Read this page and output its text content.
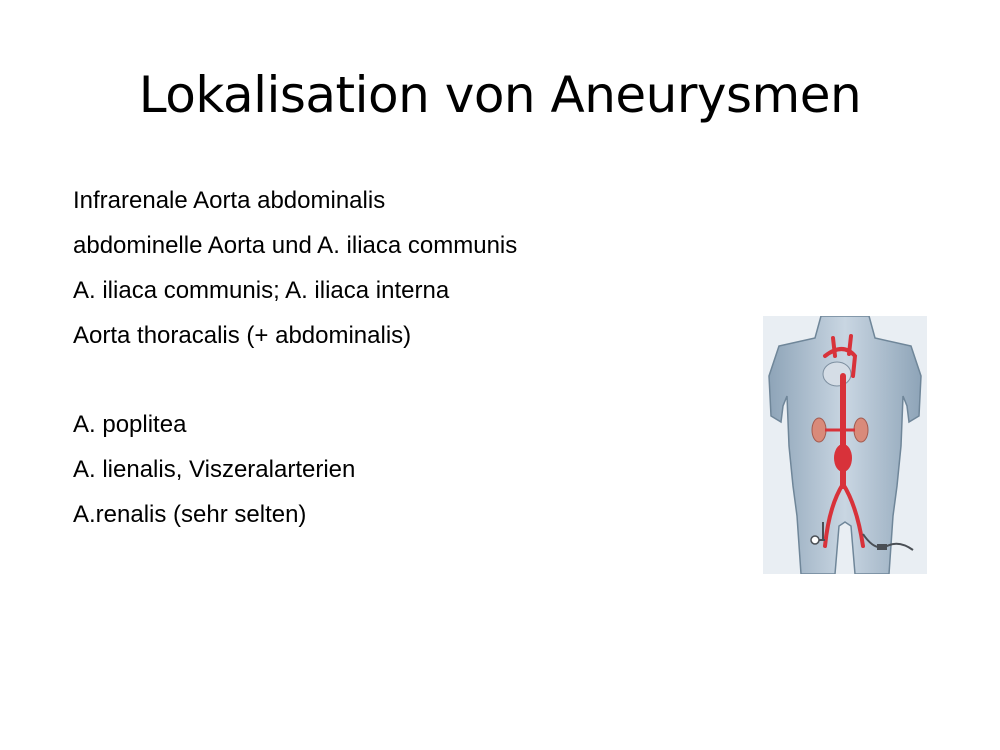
Lokalisation von Aneurysmen
Infrarenale Aorta abdominalis
abdominelle Aorta und A. iliaca communis
A. iliaca communis; A. iliaca interna
Aorta thoracalis (+ abdominalis)
A. poplitea
A. lienalis, Viszeralarterien
A.renalis (sehr selten)
